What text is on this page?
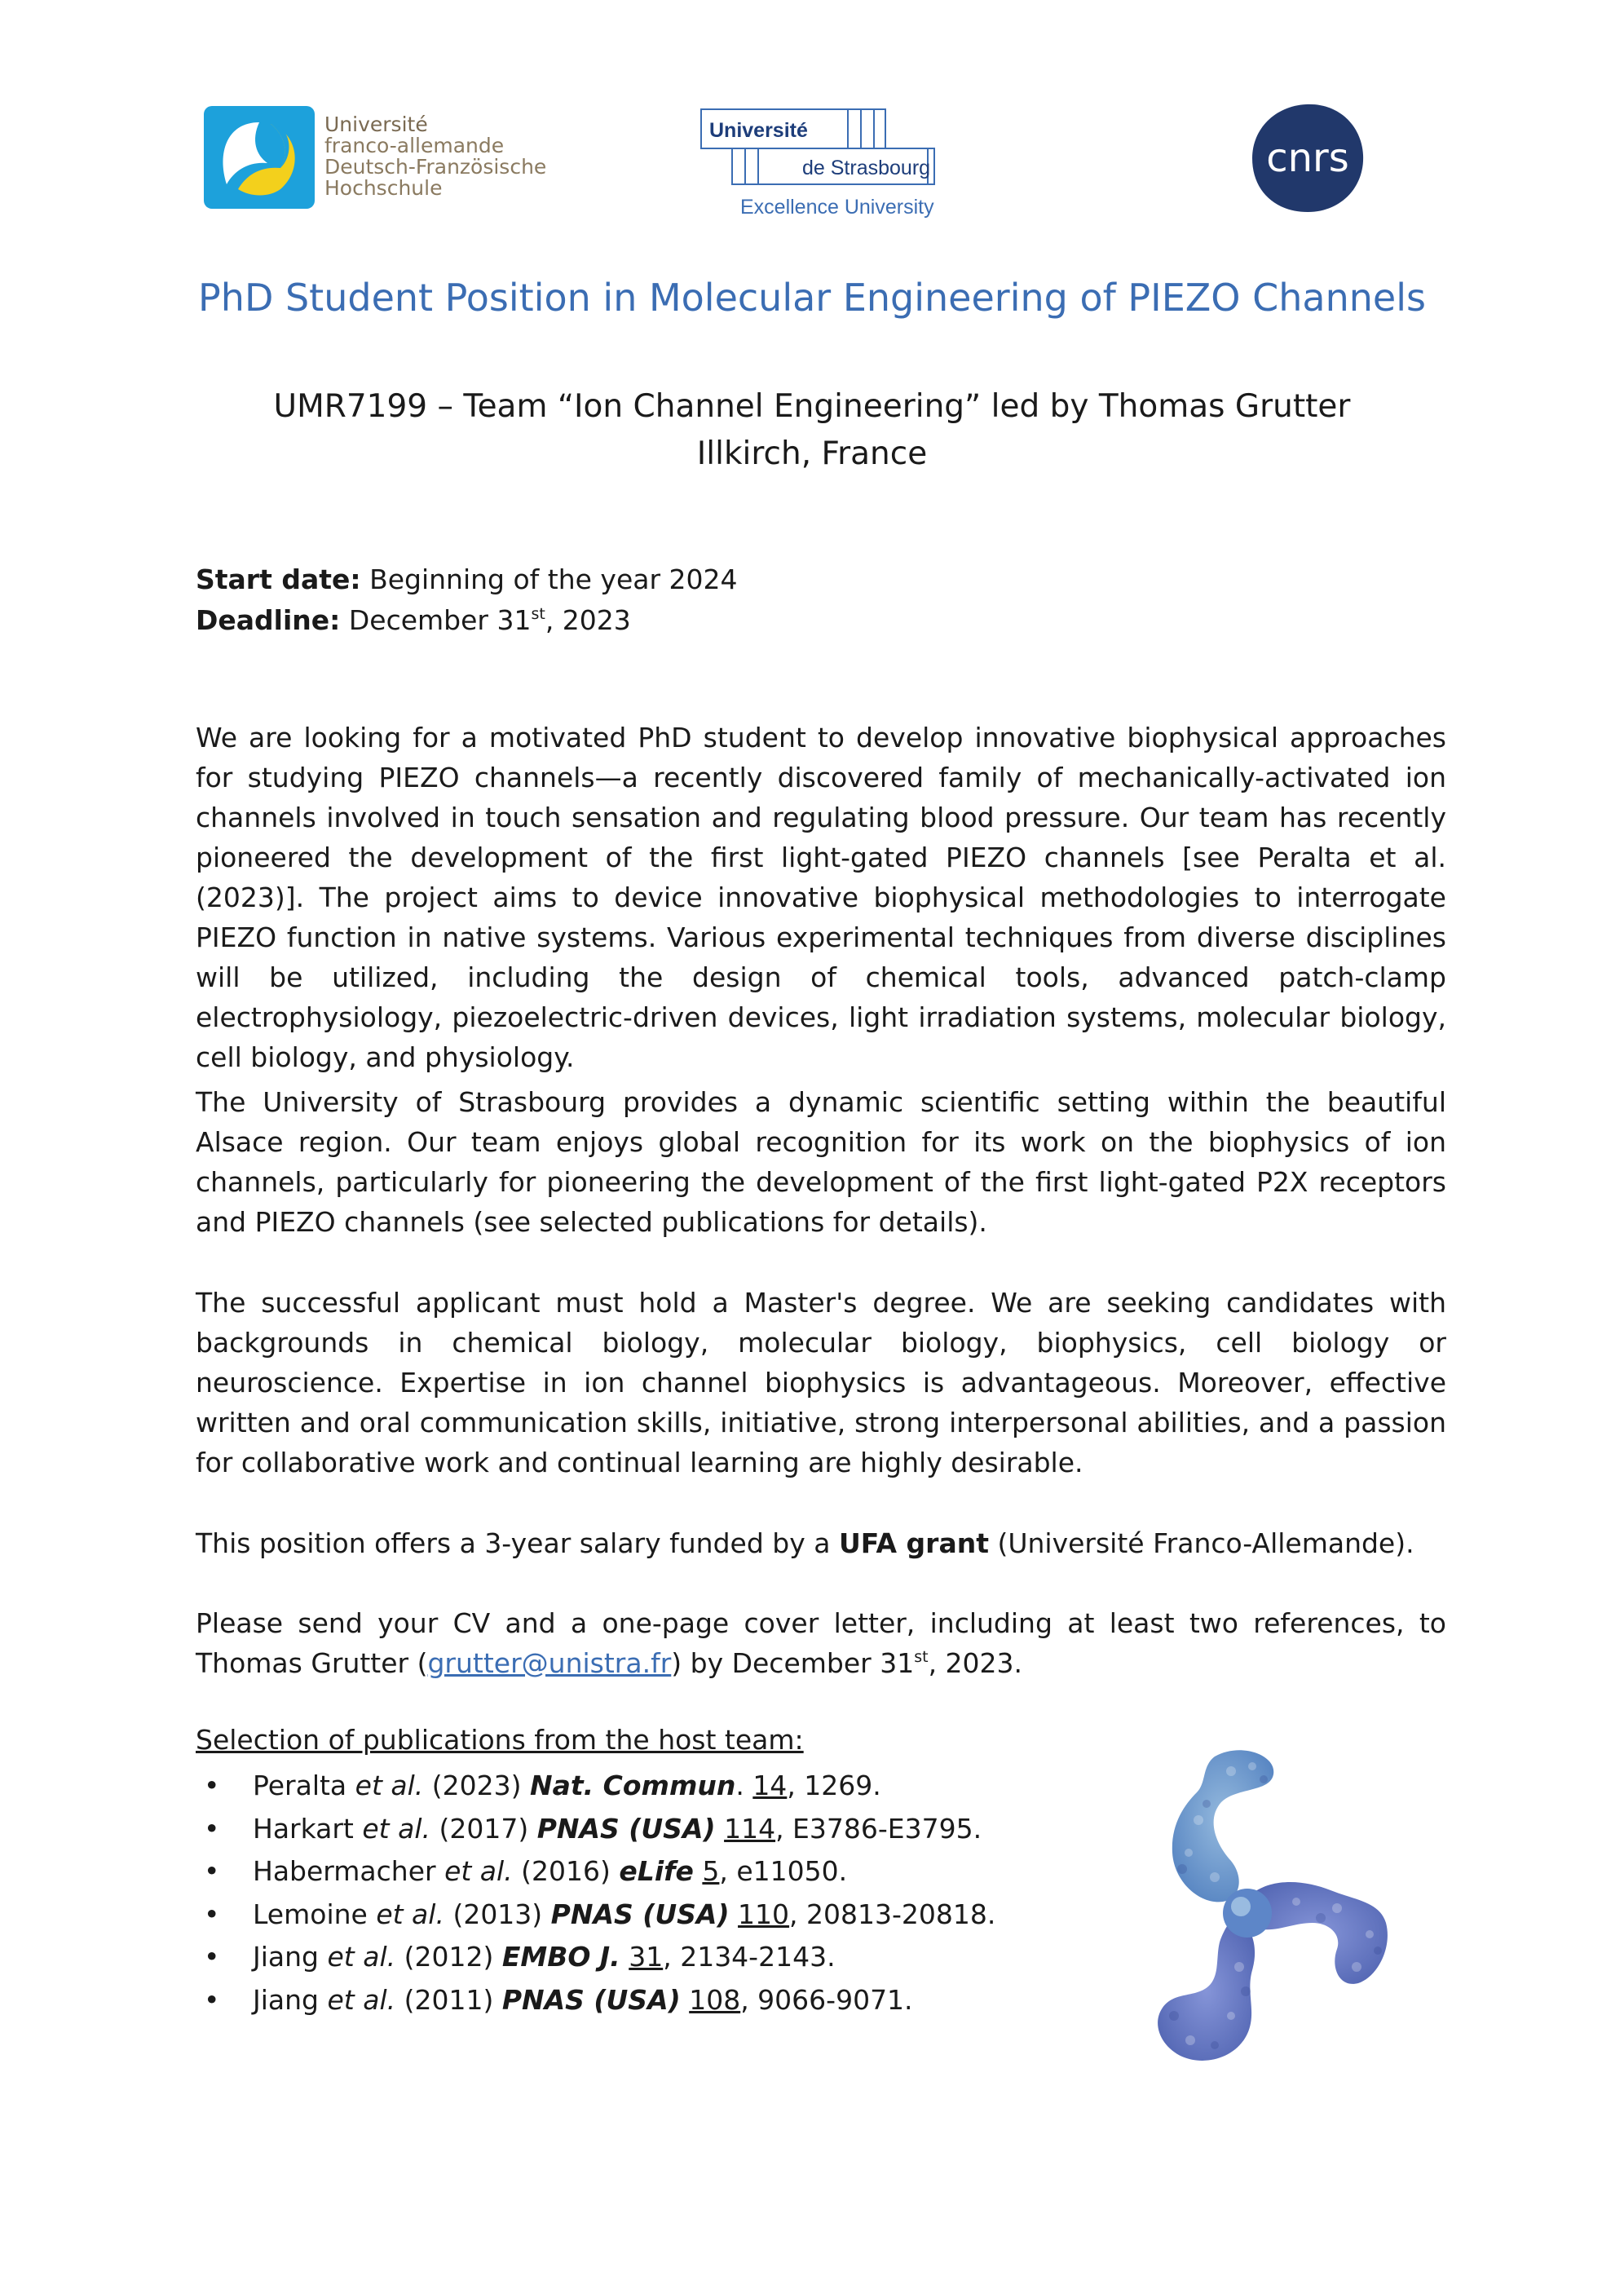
Université
franco-allemande
Deutsch-Französische
Hochschule
Université
de Strasbourg
Excellence University
cnrs
PhD Student Position in Molecular Engineering of PIEZO Channels
UMR7199 – Team “Ion Channel Engineering” led by Thomas Grutter
Illkirch, France
Start date: Beginning of the year 2024
Deadline: December 31st, 2023
We are looking for a motivated PhD student to develop innovative biophysical approaches for studying PIEZO channels—a recently discovered family of mechanically-activated ion channels involved in touch sensation and regulating blood pressure. Our team has recently pioneered the development of the first light-gated PIEZO channels [see Peralta et al. (2023)]. The project aims to device innovative biophysical methodologies to interrogate PIEZO function in native systems. Various experimental techniques from diverse disciplines will be utilized, including the design of chemical tools, advanced patch-clamp electrophysiology, piezoelectric-driven devices, light irradiation systems, molecular biology, cell biology, and physiology.
The University of Strasbourg provides a dynamic scientific setting within the beautiful Alsace region. Our team enjoys global recognition for its work on the biophysics of ion channels, particularly for pioneering the development of the first light-gated P2X receptors and PIEZO channels (see selected publications for details).
The successful applicant must hold a Master's degree. We are seeking candidates with backgrounds in chemical biology, molecular biology, biophysics, cell biology or neuroscience. Expertise in ion channel biophysics is advantageous. Moreover, effective written and oral communication skills, initiative, strong interpersonal abilities, and a passion for collaborative work and continual learning are highly desirable.
This position offers a 3-year salary funded by a UFA grant (Université Franco-Allemande).
Please send your CV and a one-page cover letter, including at least two references, to Thomas Grutter (grutter@unistra.fr) by December 31st, 2023.
Selection of publications from the host team:
• Peralta et al. (2023) Nat. Commun. 14, 1269.
• Harkart et al. (2017) PNAS (USA) 114, E3786-E3795.
• Habermacher et al. (2016) eLife 5, e11050.
• Lemoine et al. (2013) PNAS (USA) 110, 20813-20818.
• Jiang et al. (2012) EMBO J. 31, 2134-2143.
• Jiang et al. (2011) PNAS (USA) 108, 9066-9071.
